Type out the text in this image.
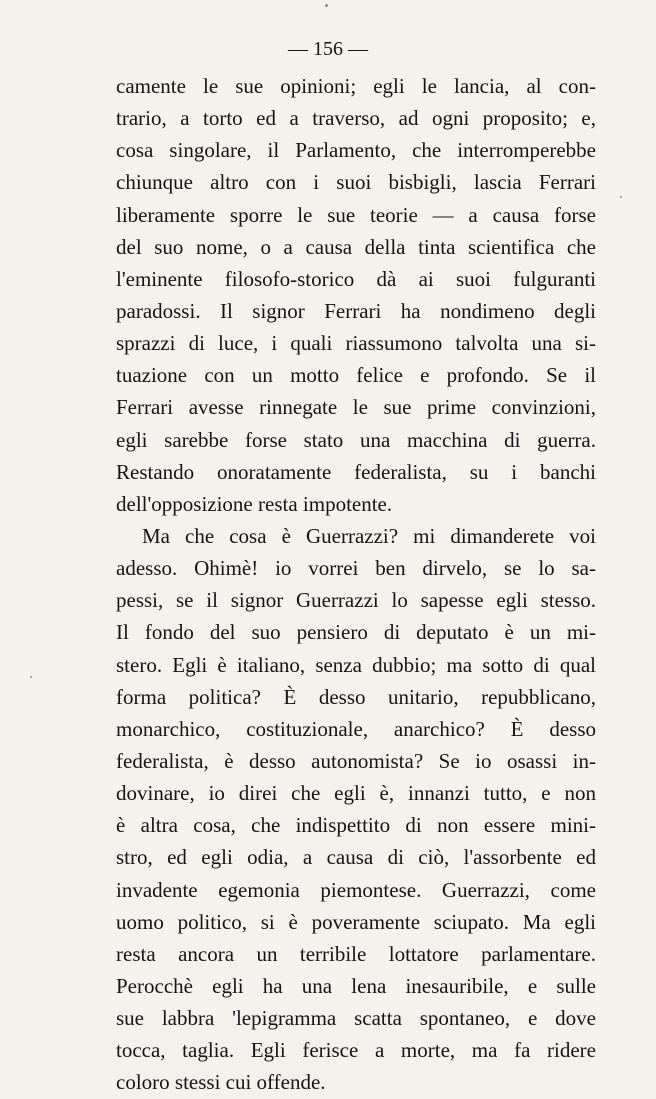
— 156 —
camente le sue opinioni; egli le lancia, al con-
trario, a torto ed a traverso, ad ogni proposito; e,
cosa singolare, il Parlamento, che interromperebbe
chiunque altro con i suoi bisbigli, lascia Ferrari
liberamente sporre le sue teorie — a causa forse
del suo nome, o a causa della tinta scientifica che
l'eminente filosofo-storico dà ai suoi fulguranti
paradossi. Il signor Ferrari ha nondimeno degli
sprazzi di luce, i quali riassumono talvolta una si-
tuazione con un motto felice e profondo. Se il
Ferrari avesse rinnegate le sue prime convinzioni,
egli sarebbe forse stato una macchina di guerra.
Restando onoratamente federalista, su i banchi
dell'opposizione resta impotente.
Ma che cosa è Guerrazzi? mi dimanderete voi
adesso. Ohimè! io vorrei ben dirvelo, se lo sa-
pessi, se il signor Guerrazzi lo sapesse egli stesso.
Il fondo del suo pensiero di deputato è un mi-
stero. Egli è italiano, senza dubbio; ma sotto di qual
forma politica? È desso unitario, repubblicano,
monarchico, costituzionale, anarchico? È desso
federalista, è desso autonomista? Se io osassi in-
dovinare, io direi che egli è, innanzi tutto, e non
è altra cosa, che indispettito di non essere mini-
stro, ed egli odia, a causa di ciò, l'assorbente ed
invadente egemonia piemontese. Guerrazzi, come
uomo politico, si è poveramente sciupato. Ma egli
resta ancora un terribile lottatore parlamentare.
Perocchè egli ha una lena inesauribile, e sulle
sue labbra 'lepigramma scatta spontaneo, e dove
tocca, taglia. Egli ferisce a morte, ma fa ridere
coloro stessi cui offende.
